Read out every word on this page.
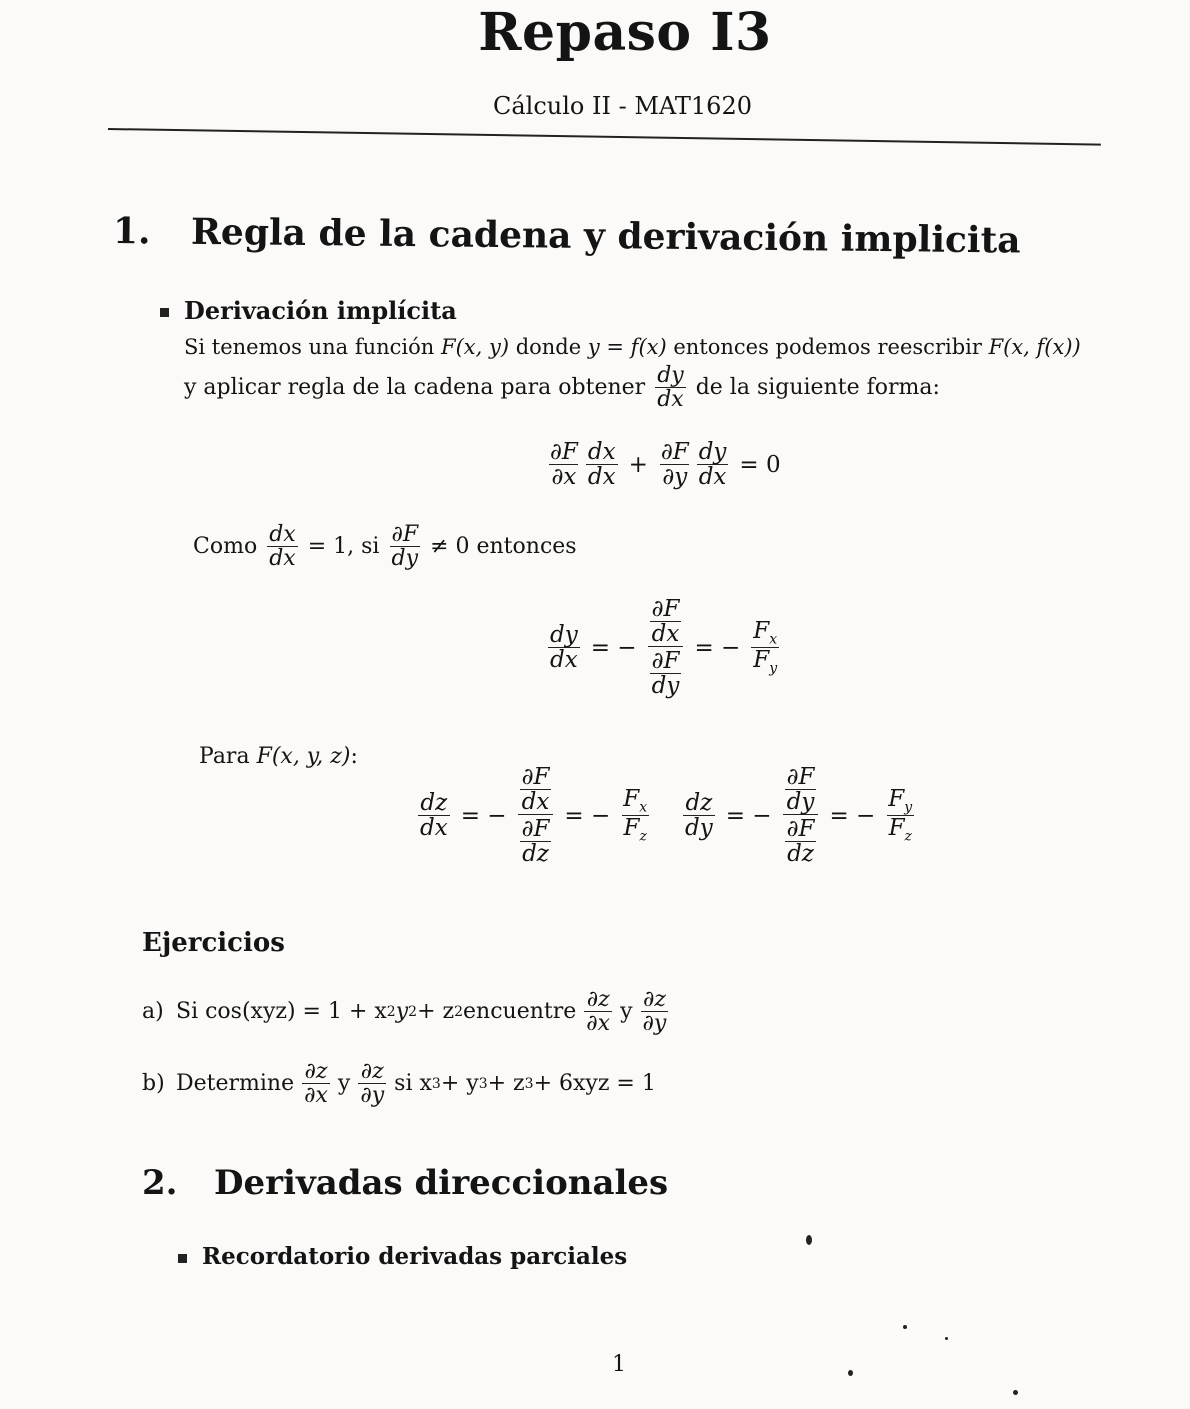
Repaso I3
Cálculo II - MAT1620
1. Regla de la cadena y derivación implicita
Derivación implícita
Si tenemos una función F(x, y) donde y = f(x) entonces podemos reescribir F(x, f(x))
y aplicar regla de la cadena para obtener $\frac{dy}{dx}$ de la siguiente forma:
$\frac{\partial F}{\partial x} \frac{dx}{dx} + \frac{\partial F}{\partial y} \frac{dy}{dx} = 0$
Como $\frac{dx}{dx} = 1$, si $\frac{\partial F}{dy} \ne 0$ entonces
$\frac{dy}{dx}$ = − $\frac{\frac{\partial F}{dx}}{\frac{\partial F}{dy}}$ = − $\frac{F_x}{F_y}$
Para F(x, y, z):
$\frac{dz}{dx}$ = − $\frac{\frac{\partial F}{dx}}{\frac{\partial F}{dz}}$ = − $\frac{F_x}{F_z} \frac{dz}{dy}$ = − $\frac{\frac{\partial F}{dy}}{\frac{\partial F}{dz}}$ = − $\frac{F_y}{F_z}$
Ejercicios
a) Si cos(xyz) = 1 + x 2 y 2 + z 2 encuentre $\frac{\partial z}{\partial x}$ y $\frac{\partial z}{\partial y}$
b) Determine $\frac{\partial z}{\partial x}$ y $\frac{\partial z}{\partial y}$ si x 3 + y 3 + z 3 + 6xyz = 1
2. Derivadas direccionales
Recordatorio derivadas parciales
1
